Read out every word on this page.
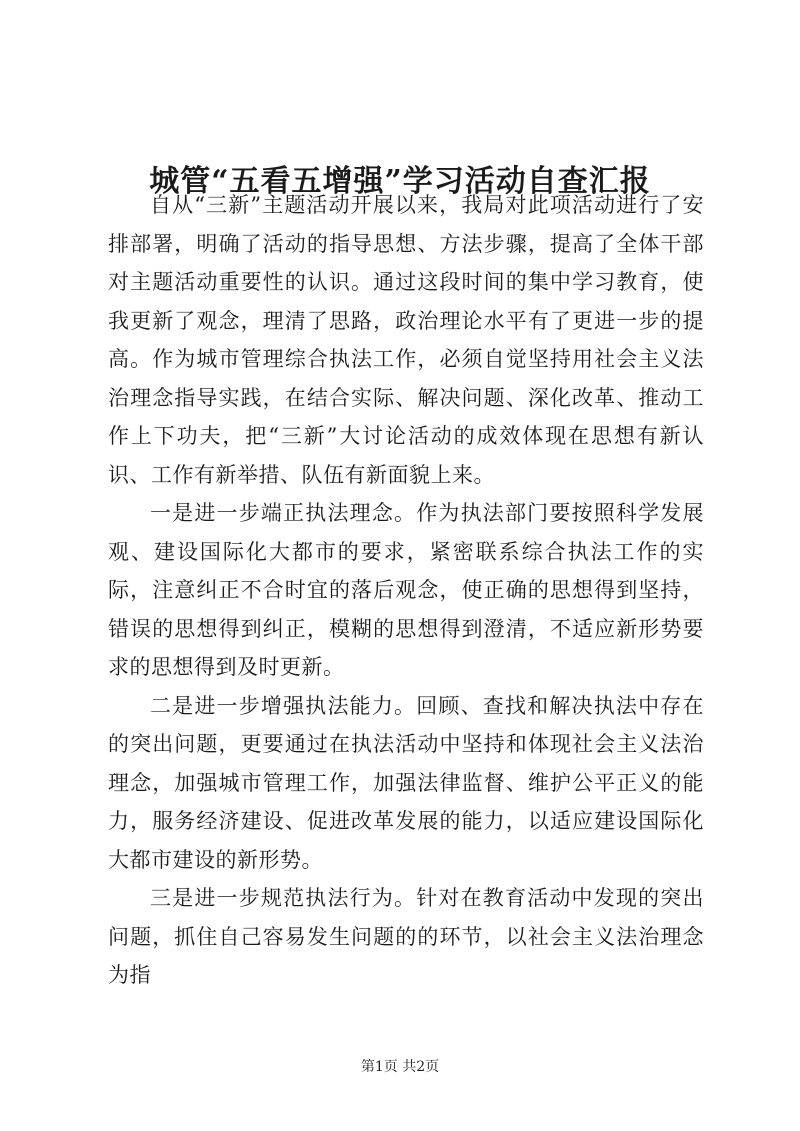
城管“五看五增强”学习活动自查汇报

自从“三新”主题活动开展以来，我局对此项活动进行了安排部署，明确了活动的指导思想、方法步骤，提高了全体干部对主题活动重要性的认识。通过这段时间的集中学习教育，使我更新了观念，理清了思路，政治理论水平有了更进一步的提高。作为城市管理综合执法工作，必须自觉坚持用社会主义法治理念指导实践，在结合实际、解决问题、深化改革、推动工作上下功夫，把“三新”大讨论活动的成效体现在思想有新认识、工作有新举措、队伍有新面貌上来。

一是进一步端正执法理念。作为执法部门要按照科学发展观、建设国际化大都市的要求，紧密联系综合执法工作的实际，注意纠正不合时宜的落后观念，使正确的思想得到坚持，错误的思想得到纠正，模糊的思想得到澄清，不适应新形势要求的思想得到及时更新。

二是进一步增强执法能力。回顾、查找和解决执法中存在的突出问题，更要通过在执法活动中坚持和体现社会主义法治理念，加强城市管理工作，加强法律监督、维护公平正义的能力，服务经济建设、促进改革发展的能力，以适应建设国际化大都市建设的新形势。

三是进一步规范执法行为。针对在教育活动中发现的突出问题，抓住自己容易发生问题的的环节，以社会主义法治理念为指

第1页 共2页
